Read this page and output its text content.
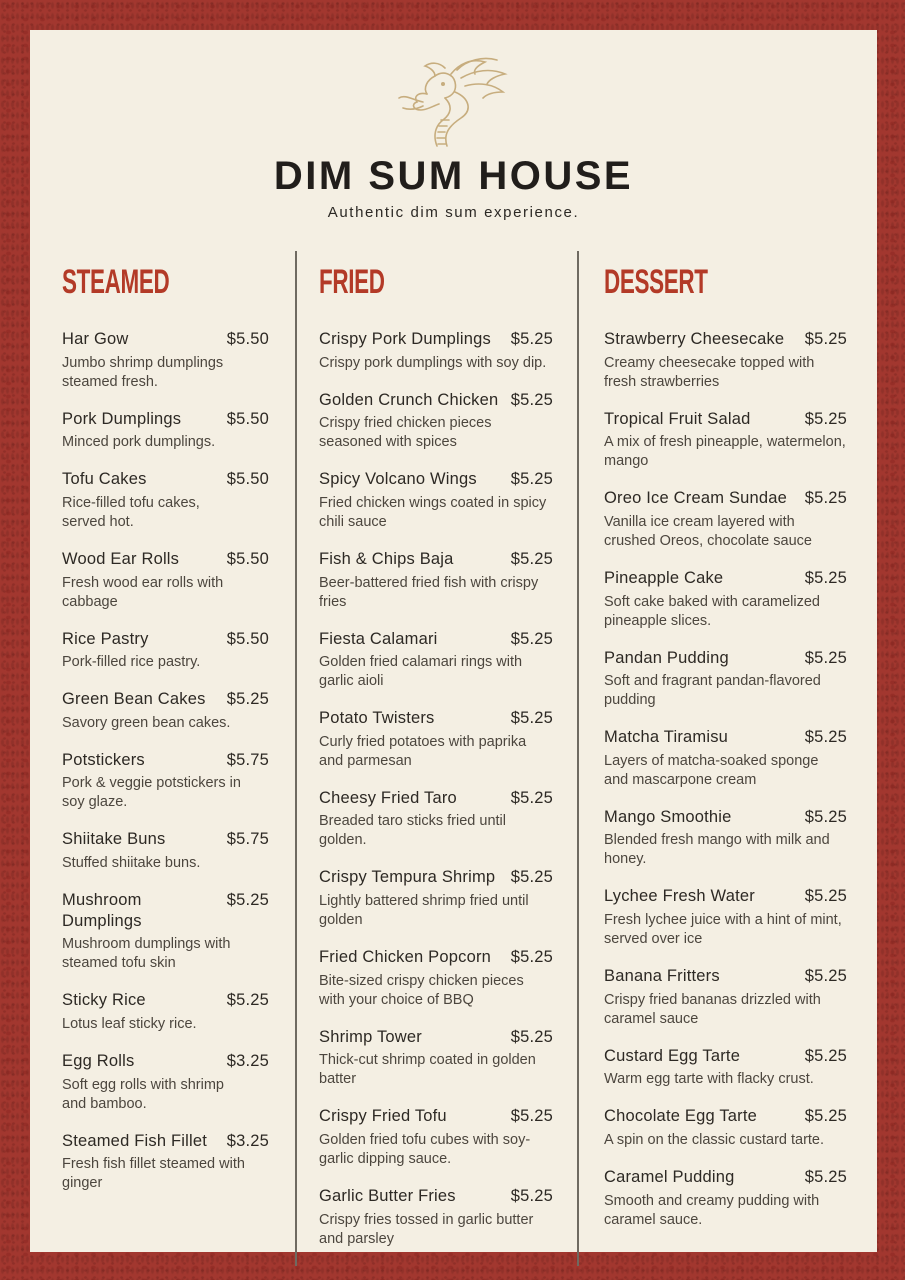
DIM SUM HOUSE

Authentic dim sum experience.

STEAMED
Har Gow	$5.50
Jumbo shrimp dumplings steamed fresh.
Pork Dumplings	$5.50
Minced pork dumplings.
Tofu Cakes	$5.50
Rice-filled tofu cakes, served hot.
Wood Ear Rolls	$5.50
Fresh wood ear rolls with cabbage
Rice Pastry	$5.50
Pork-filled rice pastry.
Green Bean Cakes	$5.25
Savory green bean cakes.
Potstickers	$5.75
Pork & veggie potstickers in soy glaze.
Shiitake Buns	$5.75
Stuffed shiitake buns.
Mushroom Dumplings
$5.25
Mushroom dumplings with steamed tofu skin
Sticky Rice	$5.25
Lotus leaf sticky rice.
Egg Rolls	$3.25
Soft egg rolls with shrimp and bamboo.
Steamed Fish Fillet	$3.25
Fresh fish fillet steamed with ginger
FRIED
Crispy Pork Dumplings	$5.25
Crispy pork dumplings with soy dip.
Golden Crunch Chicken $5.25
Crispy fried chicken pieces seasoned with spices
Spicy Volcano Wings	$5.25
Fried chicken wings coated in spicy chili sauce
Fish & Chips Baja	$5.25
Beer-battered fried fish with crispy fries
Fiesta Calamari	$5.25
Golden fried calamari rings with garlic aioli
Potato Twisters	$5.25
Curly fried potatoes with paprika and parmesan
Cheesy Fried Taro	$5.25
Breaded taro sticks fried until golden.
Crispy Tempura Shrimp $5.25
Lightly battered shrimp fried until golden
Fried Chicken Popcorn	$5.25
Bite-sized crispy chicken pieces with your choice of BBQ
Shrimp Tower	$5.25
Thick-cut shrimp coated in golden batter
Crispy Fried Tofu	$5.25
Golden fried tofu cubes with soy-garlic dipping sauce.
Garlic Butter Fries	$5.25
Crispy fries tossed in garlic butter and parsley
DESSERT
Strawberry Cheesecake	$5.25
Creamy cheesecake topped with fresh strawberries
Tropical Fruit Salad	$5.25
A mix of fresh pineapple, watermelon, mango
Oreo Ice Cream Sundae	$5.25
Vanilla ice cream layered with crushed Oreos, chocolate sauce
Pineapple Cake	$5.25
Soft cake baked with caramelized pineapple slices.
Pandan Pudding	$5.25
Soft and fragrant pandan-flavored pudding
Matcha Tiramisu	$5.25
Layers of matcha-soaked sponge and mascarpone cream
Mango Smoothie	$5.25
Blended fresh mango with milk and honey.
Lychee Fresh Water	$5.25
Fresh lychee juice with a hint of mint, served over ice
Banana Fritters	$5.25
Crispy fried bananas drizzled with caramel sauce
Custard Egg Tarte	$5.25
Warm egg tarte with flacky crust.
Chocolate Egg Tarte	$5.25
A spin on the classic custard tarte.
Caramel Pudding	$5.25
Smooth and creamy pudding with caramel sauce.
